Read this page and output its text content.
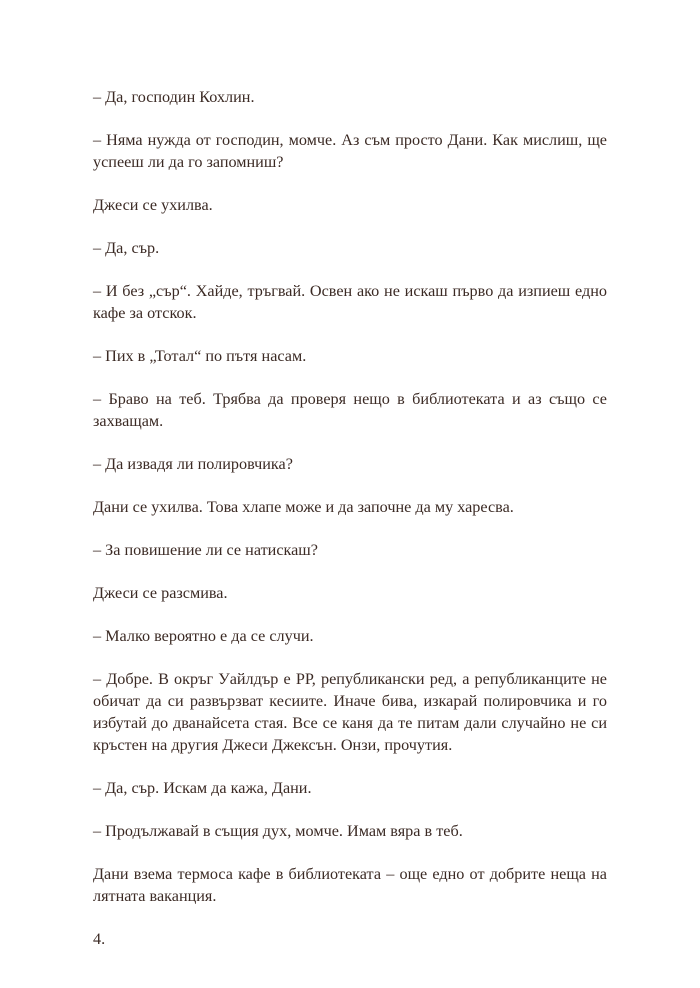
– Да, господин Кохлин.

– Няма нужда от господин, момче. Аз съм просто Дани. Как мислиш, ще успееш ли да го запомниш?

Джеси се ухилва.

– Да, сър.

– И без „сър“. Хайде, тръгвай. Освен ако не искаш първо да изпиеш едно кафе за отскок.

– Пих в „Тотал“ по пътя насам.

– Браво на теб. Трябва да проверя нещо в библиотеката и аз също се захващам.

– Да извадя ли полировчика?

Дани се ухилва. Това хлапе може и да започне да му харесва.

– За повишение ли се натискаш?

Джеси се разсмива.

– Малко вероятно е да се случи.

– Добре. В окръг Уайлдър е РР, републикански ред, а републиканците не обичат да си развързват кесиите. Иначе бива, изкарай полировчика и го избутай до дванайсета стая. Все се каня да те питам дали случайно не си кръстен на другия Джеси Джексън. Онзи, прочутия.

– Да, сър. Искам да кажа, Дани.

– Продължавай в същия дух, момче. Имам вяра в теб.

Дани взема термоса кафе в библиотеката – още едно от добрите неща на лятната ваканция.

4.
